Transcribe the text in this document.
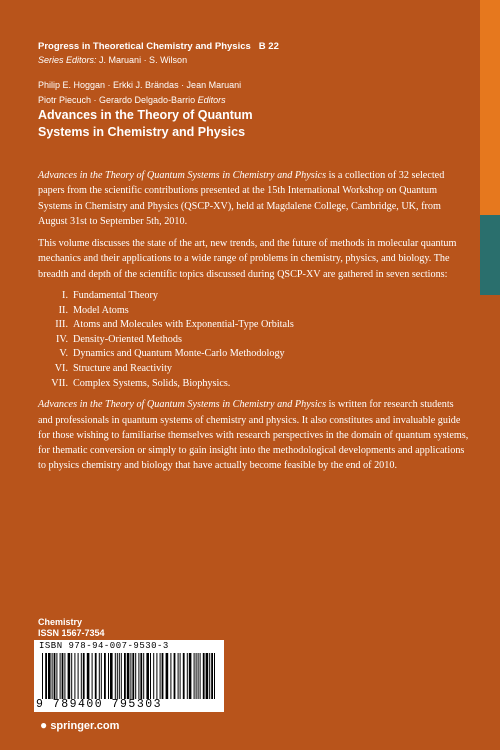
Progress in Theoretical Chemistry and Physics B 22
Series Editors: J. Maruani · S. Wilson
Philip E. Hoggan · Erkki J. Brändas · Jean Maruani
Piotr Piecuch · Gerardo Delgado-Barrio Editors
Advances in the Theory of Quantum
Systems in Chemistry and Physics

Advances in the Theory of Quantum Systems in Chemistry and Physics is a collection of 32 selected papers from the scientific contributions presented at the 15th International Workshop on Quantum Systems in Chemistry and Physics (QSCP-XV), held at Magdalene College, Cambridge, UK, from August 31st to September 5th, 2010.

This volume discusses the state of the art, new trends, and the future of methods in molecular quantum mechanics and their applications to a wide range of problems in chemistry, physics, and biology. The breadth and depth of the scientific topics discussed during QSCP-XV are gathered in seven sections:

I. Fundamental Theory
II. Model Atoms
III. Atoms and Molecules with Exponential-Type Orbitals
IV. Density-Oriented Methods
V. Dynamics and Quantum Monte-Carlo Methodology
VI. Structure and Reactivity
VII. Complex Systems, Solids, Biophysics.

Advances in the Theory of Quantum Systems in Chemistry and Physics is written for research students and professionals in quantum systems of chemistry and physics. It also constitutes and invaluable guide for those wishing to familiarise themselves with research perspectives in the domain of quantum systems, for thematic conversion or simply to gain insight into the methodological developments and applications to physics chemistry and biology that have actually become feasible by the end of 2010.

Chemistry
ISSN 1567-7354
ISBN 978-94-007-9530-3
9 789400 795303
● springer.com
